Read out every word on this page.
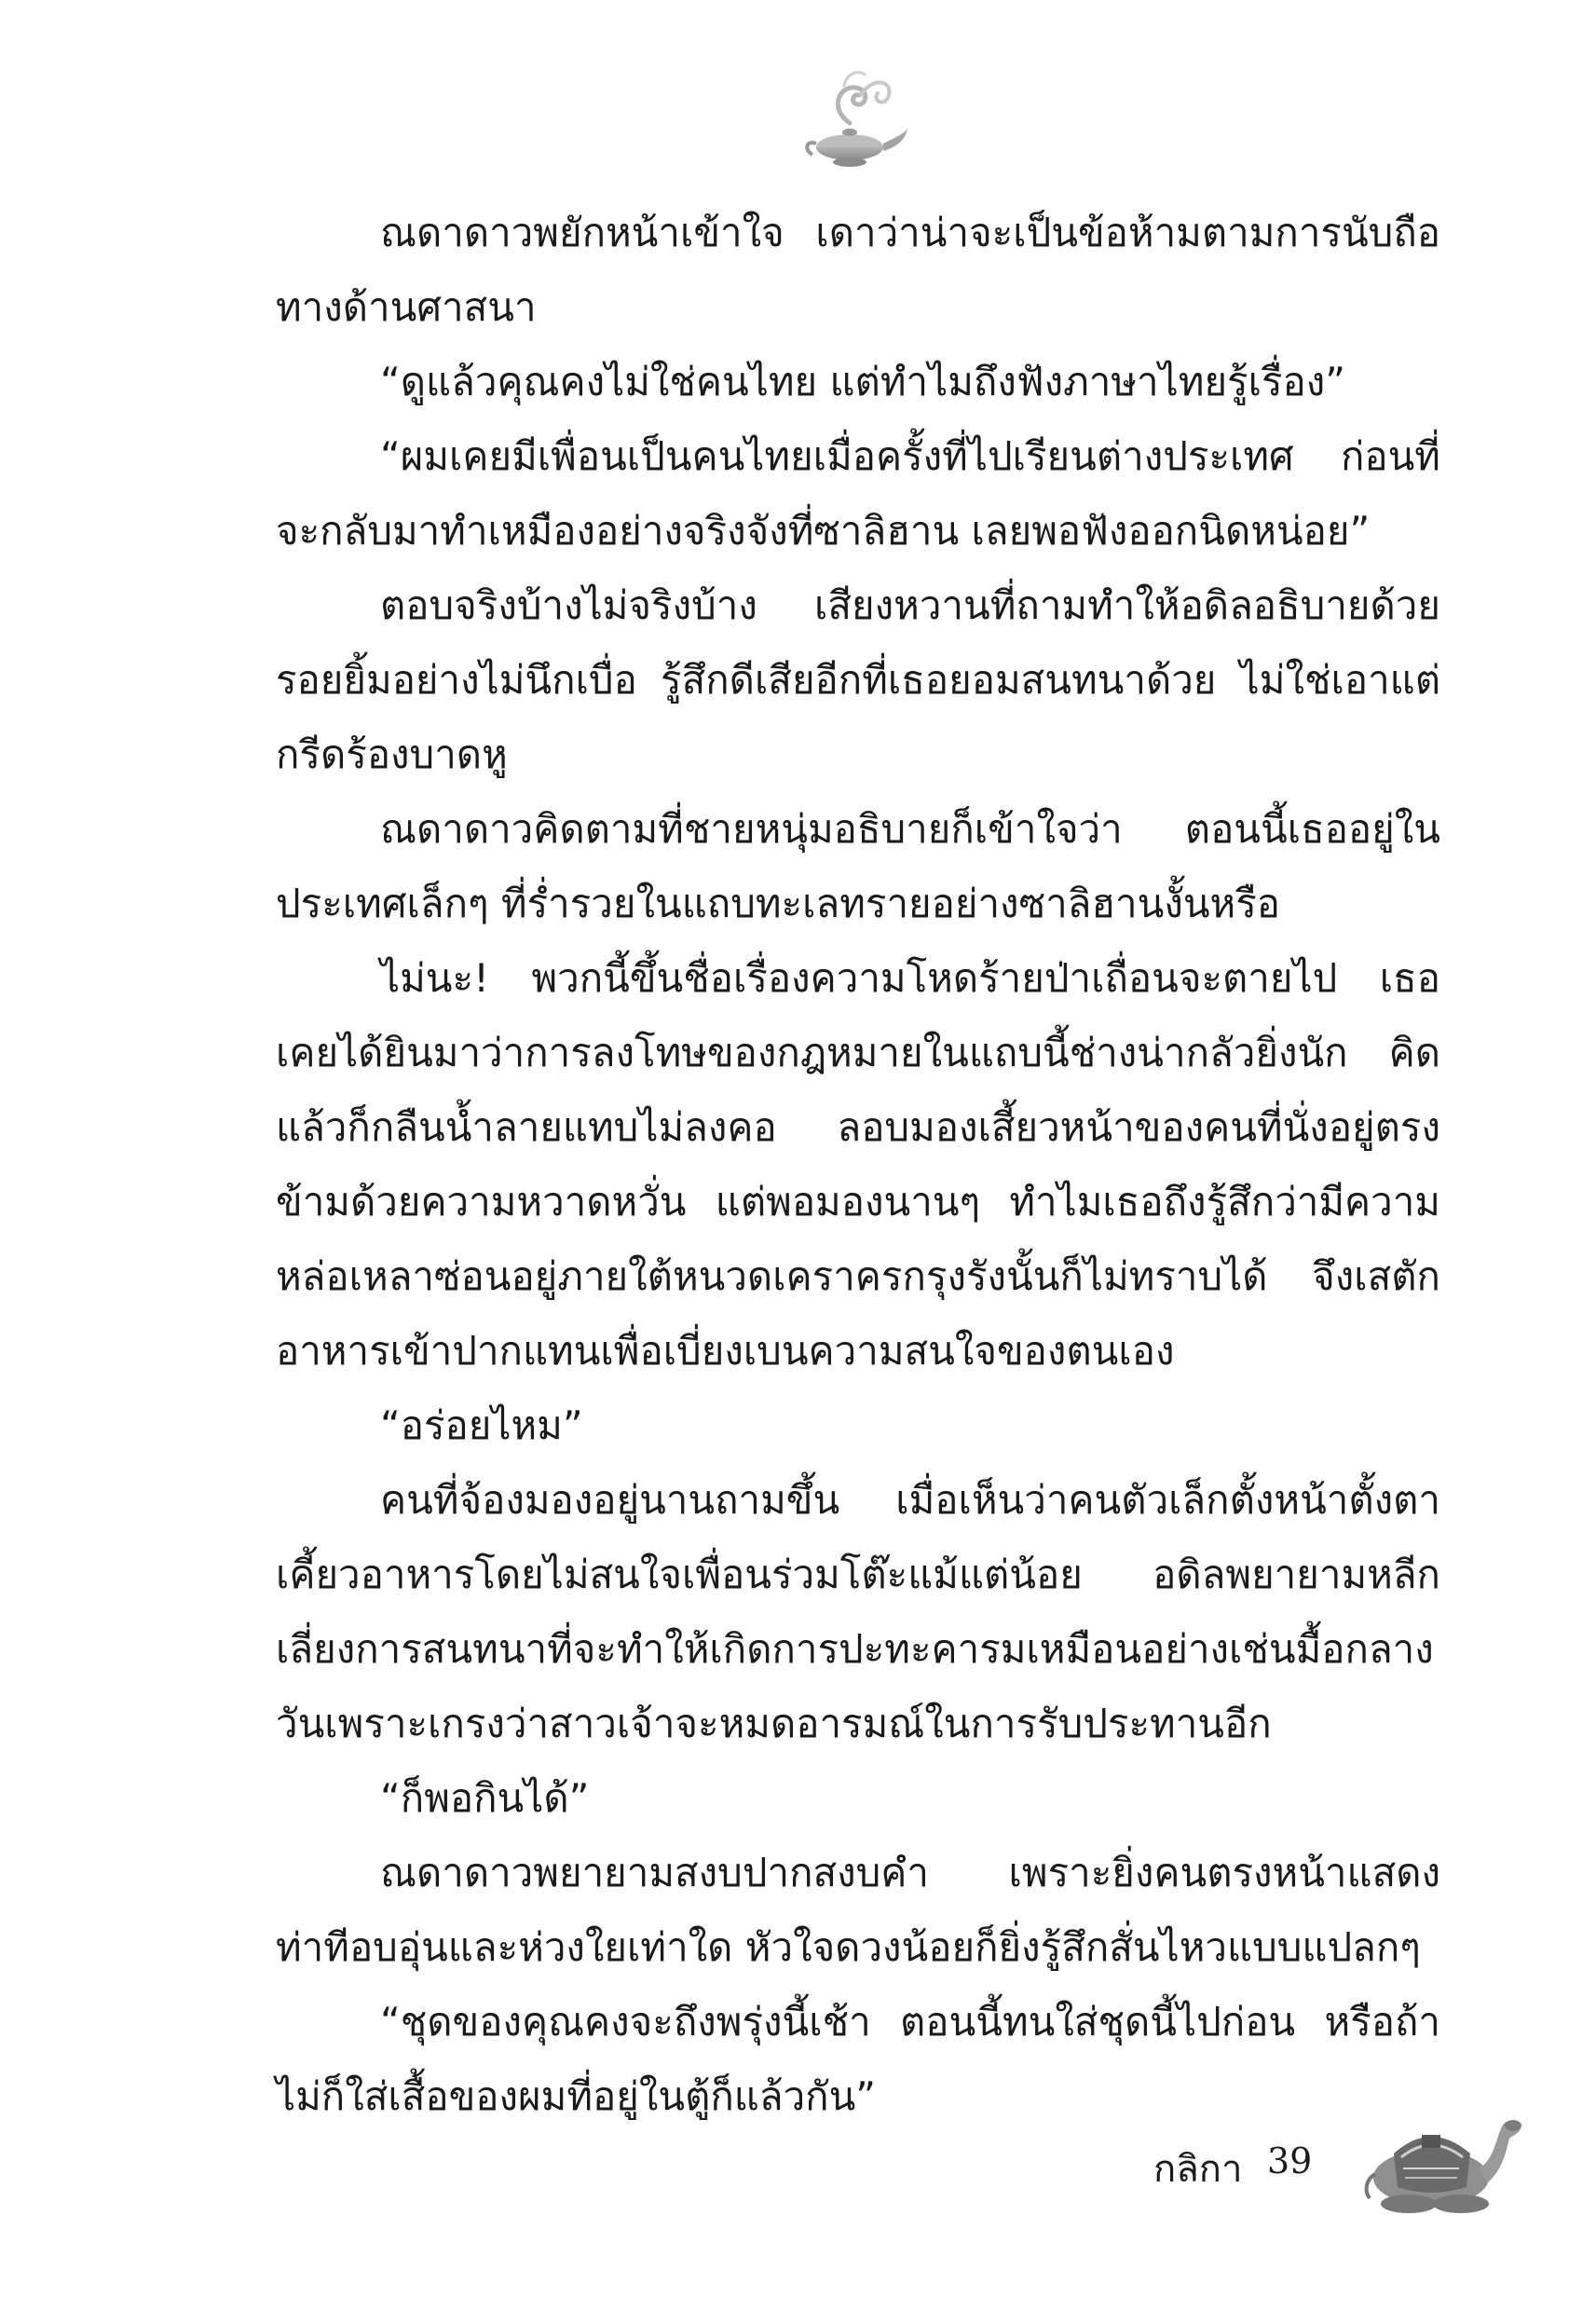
ณดาดาวพยักหน้าเข้าใจ เดาว่าน่าจะเป็นข้อห้ามตามการนับถือทางด้านศาสนา

“ดูแล้วคุณคงไม่ใช่คนไทย แต่ทำไมถึงฟังภาษาไทยรู้เรื่อง”

“ผมเคยมีเพื่อนเป็นคนไทยเมื่อครั้งที่ไปเรียนต่างประเทศ ก่อนที่จะกลับมาทำเหมืองอย่างจริงจังที่ซาลิฮาน เลยพอฟังออกนิดหน่อย”

ตอบจริงบ้างไม่จริงบ้าง เสียงหวานที่ถามทำให้อดิลอธิบายด้วยรอยยิ้มอย่างไม่นึกเบื่อ รู้สึกดีเสียอีกที่เธอยอมสนทนาด้วย ไม่ใช่เอาแต่กรีดร้องบาดหู

ณดาดาวคิดตามที่ชายหนุ่มอธิบายก็เข้าใจว่า ตอนนี้เธออยู่ในประเทศเล็กๆ ที่ร่ำรวยในแถบทะเลทรายอย่างซาลิฮานงั้นหรือ

ไม่นะ! พวกนี้ขึ้นชื่อเรื่องความโหดร้ายป่าเถื่อนจะตายไป เธอเคยได้ยินมาว่าการลงโทษของกฎหมายในแถบนี้ช่างน่ากลัวยิ่งนัก คิดแล้วก็กลืนน้ำลายแทบไม่ลงคอ ลอบมองเสี้ยวหน้าของคนที่นั่งอยู่ตรงข้ามด้วยความหวาดหวั่น แต่พอมองนานๆ ทำไมเธอถึงรู้สึกว่ามีความหล่อเหลาซ่อนอยู่ภายใต้หนวดเคราครกรุงรังนั้นก็ไม่ทราบได้ จึงเสตักอาหารเข้าปากแทนเพื่อเบี่ยงเบนความสนใจของตนเอง

“อร่อยไหม”

คนที่จ้องมองอยู่นานถามขึ้น เมื่อเห็นว่าคนตัวเล็กตั้งหน้าตั้งตาเคี้ยวอาหารโดยไม่สนใจเพื่อนร่วมโต๊ะแม้แต่น้อย อดิลพยายามหลีกเลี่ยงการสนทนาที่จะทำให้เกิดการปะทะคารมเหมือนอย่างเช่นมื้อกลางวันเพราะเกรงว่าสาวเจ้าจะหมดอารมณ์ในการรับประทานอีก

“ก็พอกินได้”

ณดาดาวพยายามสงบปากสงบคำ เพราะยิ่งคนตรงหน้าแสดงท่าทีอบอุ่นและห่วงใยเท่าใด หัวใจดวงน้อยก็ยิ่งรู้สึกสั่นไหวแบบแปลกๆ

“ชุดของคุณคงจะถึงพรุ่งนี้เช้า ตอนนี้ทนใส่ชุดนี้ไปก่อน หรือถ้าไม่ก็ใส่เสื้อของผมที่อยู่ในตู้ก็แล้วกัน”

กลิกา 39
